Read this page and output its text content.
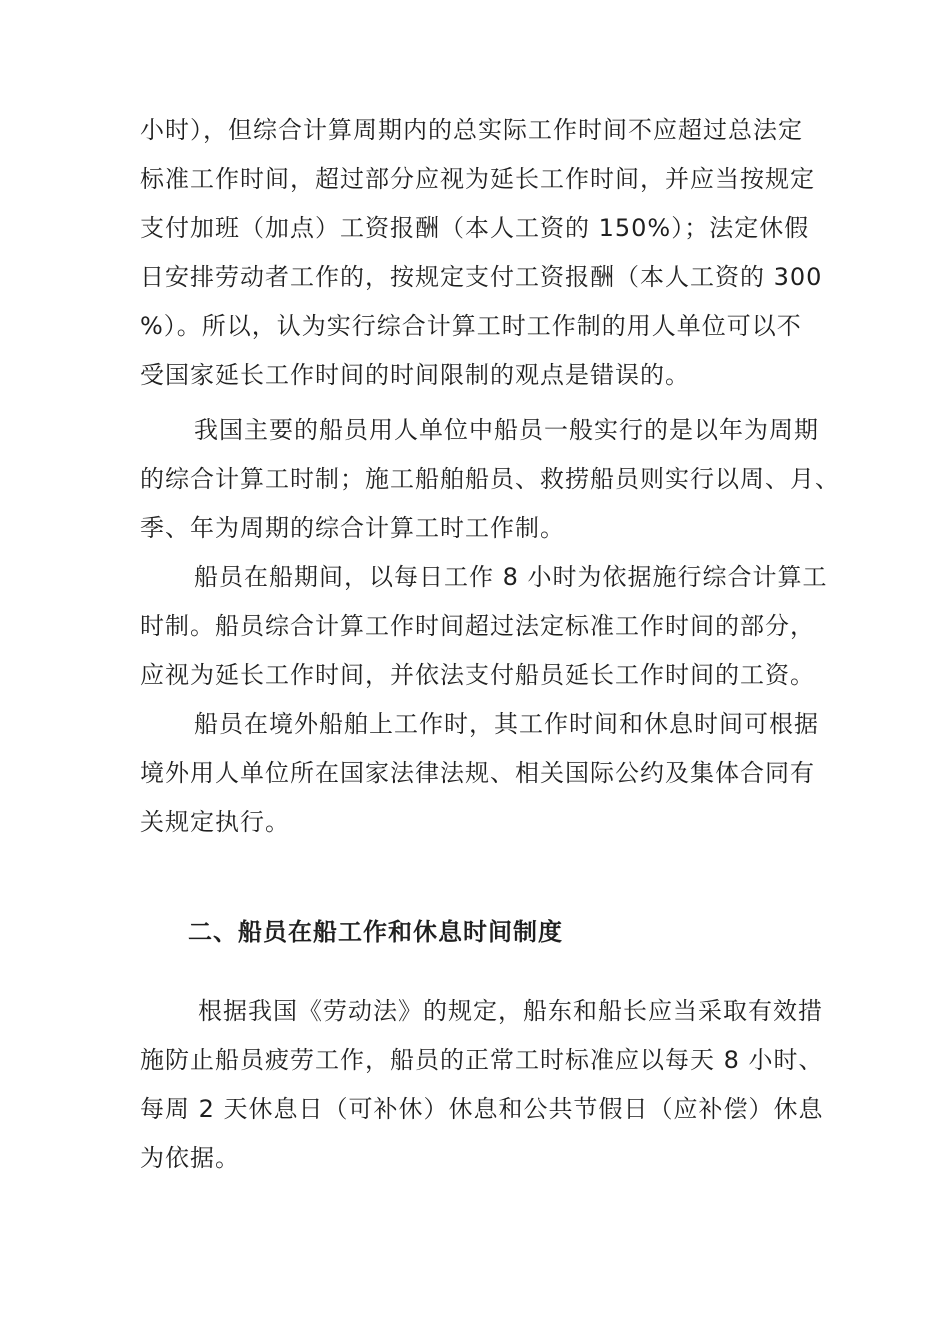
小时），但综合计算周期内的总实际工作时间不应超过总法定
标准工作时间，超过部分应视为延长工作时间，并应当按规定
支付加班（加点）工资报酬（本人工资的 150%）；法定休假
日安排劳动者工作的，按规定支付工资报酬（本人工资的 300
%）。所以，认为实行综合计算工时工作制的用人单位可以不
受国家延长工作时间的时间限制的观点是错误的。
我国主要的船员用人单位中船员一般实行的是以年为周期
的综合计算工时制；施工船舶船员、救捞船员则实行以周、月、
季、年为周期的综合计算工时工作制。
船员在船期间，以每日工作 8 小时为依据施行综合计算工
时制。船员综合计算工作时间超过法定标准工作时间的部分，
应视为延长工作时间，并依法支付船员延长工作时间的工资。
船员在境外船舶上工作时，其工作时间和休息时间可根据
境外用人单位所在国家法律法规、相关国际公约及集体合同有
关规定执行。
二、船员在船工作和休息时间制度
根据我国《劳动法》的规定，船东和船长应当采取有效措
施防止船员疲劳工作，船员的正常工时标准应以每天 8 小时、
每周 2 天休息日（可补休）休息和公共节假日（应补偿）休息
为依据。
